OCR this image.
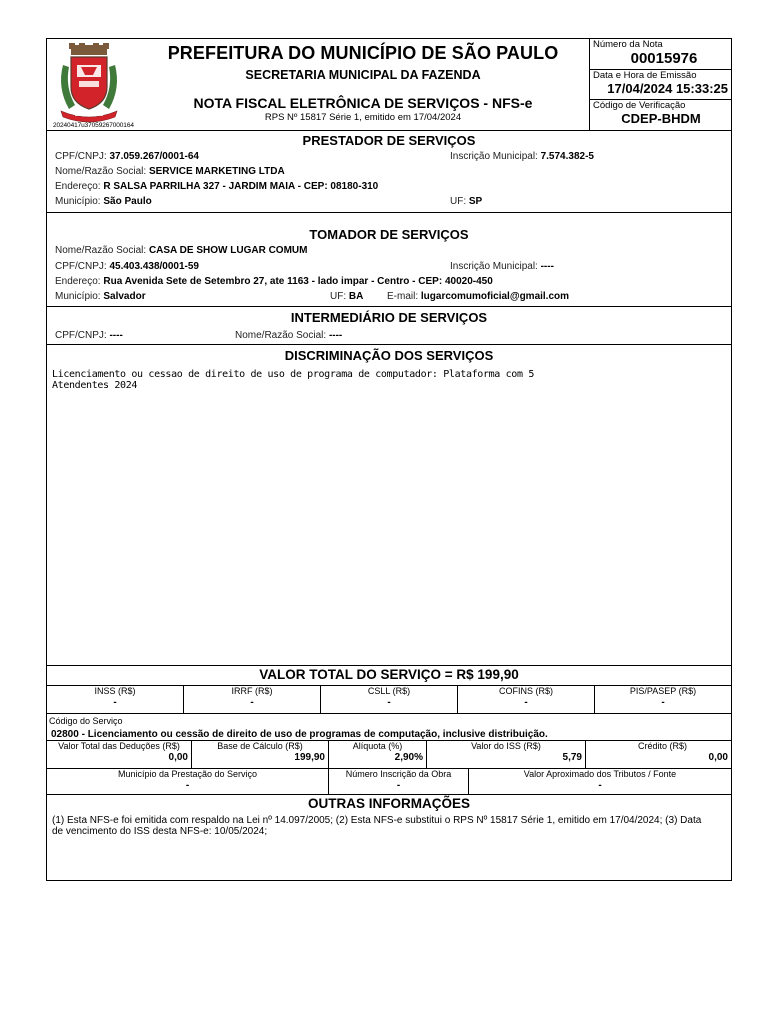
20240417u37059267000164
PREFEITURA DO MUNICÍPIO DE SÃO PAULO
SECRETARIA MUNICIPAL DA FAZENDA
NOTA FISCAL ELETRÔNICA DE SERVIÇOS - NFS-e
RPS Nº 15817 Série 1, emitido em 17/04/2024
Número da Nota
00015976
Data e Hora de Emissão
17/04/2024 15:33:25
Código de Verificação
CDEP-BHDM
PRESTADOR DE SERVIÇOS
CPF/CNPJ: 37.059.267/0001-64	Inscrição Municipal: 7.574.382-5
Nome/Razão Social: SERVICE MARKETING LTDA
Endereço: R SALSA PARRILHA 327 - JARDIM MAIA - CEP: 08180-310
Município: São Paulo	UF: SP
TOMADOR DE SERVIÇOS
Nome/Razão Social: CASA DE SHOW LUGAR COMUM
CPF/CNPJ: 45.403.438/0001-59	Inscrição Municipal: ----
Endereço: Rua Avenida Sete de Setembro 27, ate 1163 - lado impar - Centro - CEP: 40020-450
Município: Salvador	UF: BA E-mail: lugarcomumoficial@gmail.com
INTERMEDIÁRIO DE SERVIÇOS
CPF/CNPJ: ----	Nome/Razão Social: ----
DISCRIMINAÇÃO DOS SERVIÇOS
Licenciamento ou cessao de direito de uso de programa de computador: Plataforma com 5
Atendentes 2024
VALOR TOTAL DO SERVIÇO = R$ 199,90
INSS (R$)
-
IRRF (R$)
-
CSLL (R$)
-
COFINS (R$)
-
PIS/PASEP (R$)
-
Código do Serviço
02800 - Licenciamento ou cessão de direito de uso de programas de computação, inclusive distribuição.
Valor Total das Deduções (R$)
0,00
Base de Cálculo (R$)
199,90
Alíquota (%)
2,90%
Valor do ISS (R$)
5,79
Crédito (R$)
0,00
Município da Prestação do Serviço
-
Número Inscrição da Obra
-
Valor Aproximado dos Tributos / Fonte
-
OUTRAS INFORMAÇÕES
(1) Esta NFS-e foi emitida com respaldo na Lei nº 14.097/2005; (2) Esta NFS-e substitui o RPS Nº 15817 Série 1, emitido em 17/04/2024; (3) Data de vencimento do ISS desta NFS-e: 10/05/2024;
